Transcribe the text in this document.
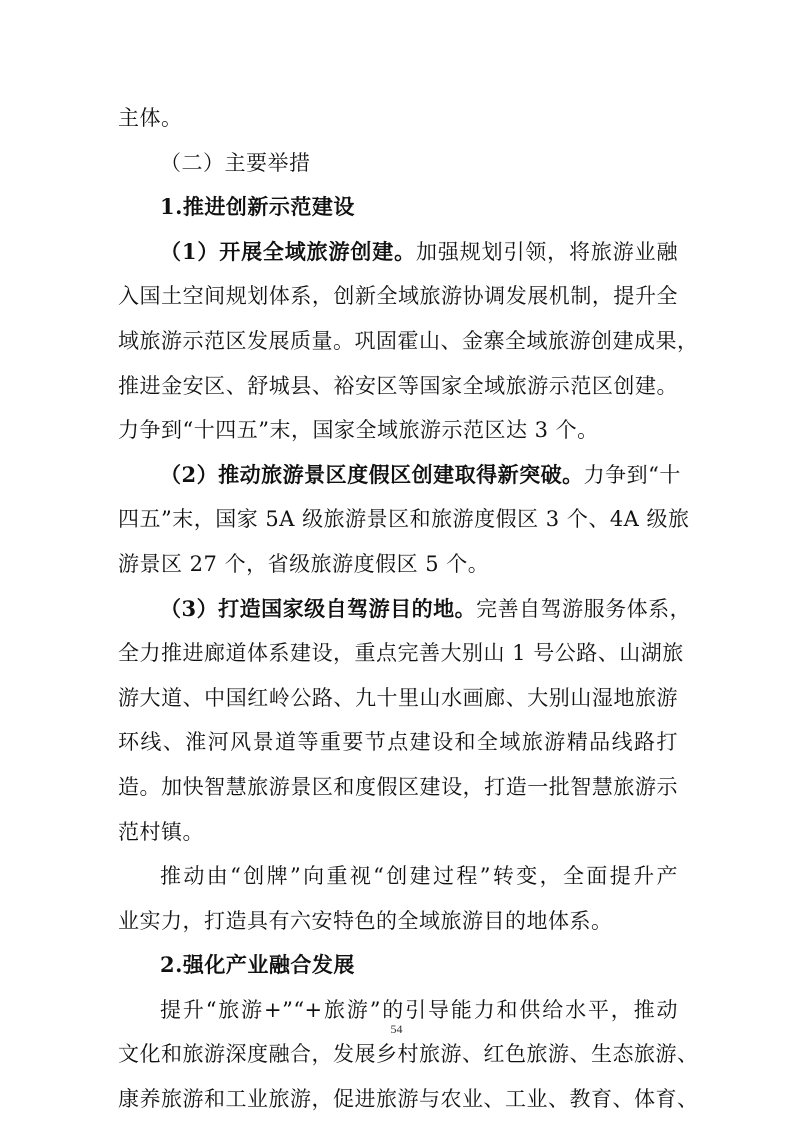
主体。
（二）主要举措
1.推进创新示范建设
（1）开展全域旅游创建。加强规划引领，将旅游业融
入国土空间规划体系，创新全域旅游协调发展机制，提升全
域旅游示范区发展质量。巩固霍山、金寨全域旅游创建成果，
推进金安区、舒城县、裕安区等国家全域旅游示范区创建。
力争到“十四五”末，国家全域旅游示范区达 3 个。
（2）推动旅游景区度假区创建取得新突破。力争到“十
四五”末，国家 5A 级旅游景区和旅游度假区 3 个、4A 级旅
游景区 27 个，省级旅游度假区 5 个。
（3）打造国家级自驾游目的地。完善自驾游服务体系，
全力推进廊道体系建设，重点完善大别山 1 号公路、山湖旅
游大道、中国红岭公路、九十里山水画廊、大别山湿地旅游
环线、淮河风景道等重要节点建设和全域旅游精品线路打
造。加快智慧旅游景区和度假区建设，打造一批智慧旅游示
范村镇。
推动由“创牌”向重视“创建过程”转变，全面提升产
业实力，打造具有六安特色的全域旅游目的地体系。
2.强化产业融合发展
提升“旅游+”“+旅游”的引导能力和供给水平，推动
文化和旅游深度融合，发展乡村旅游、红色旅游、生态旅游、
康养旅游和工业旅游，促进旅游与农业、工业、教育、体育、
54
